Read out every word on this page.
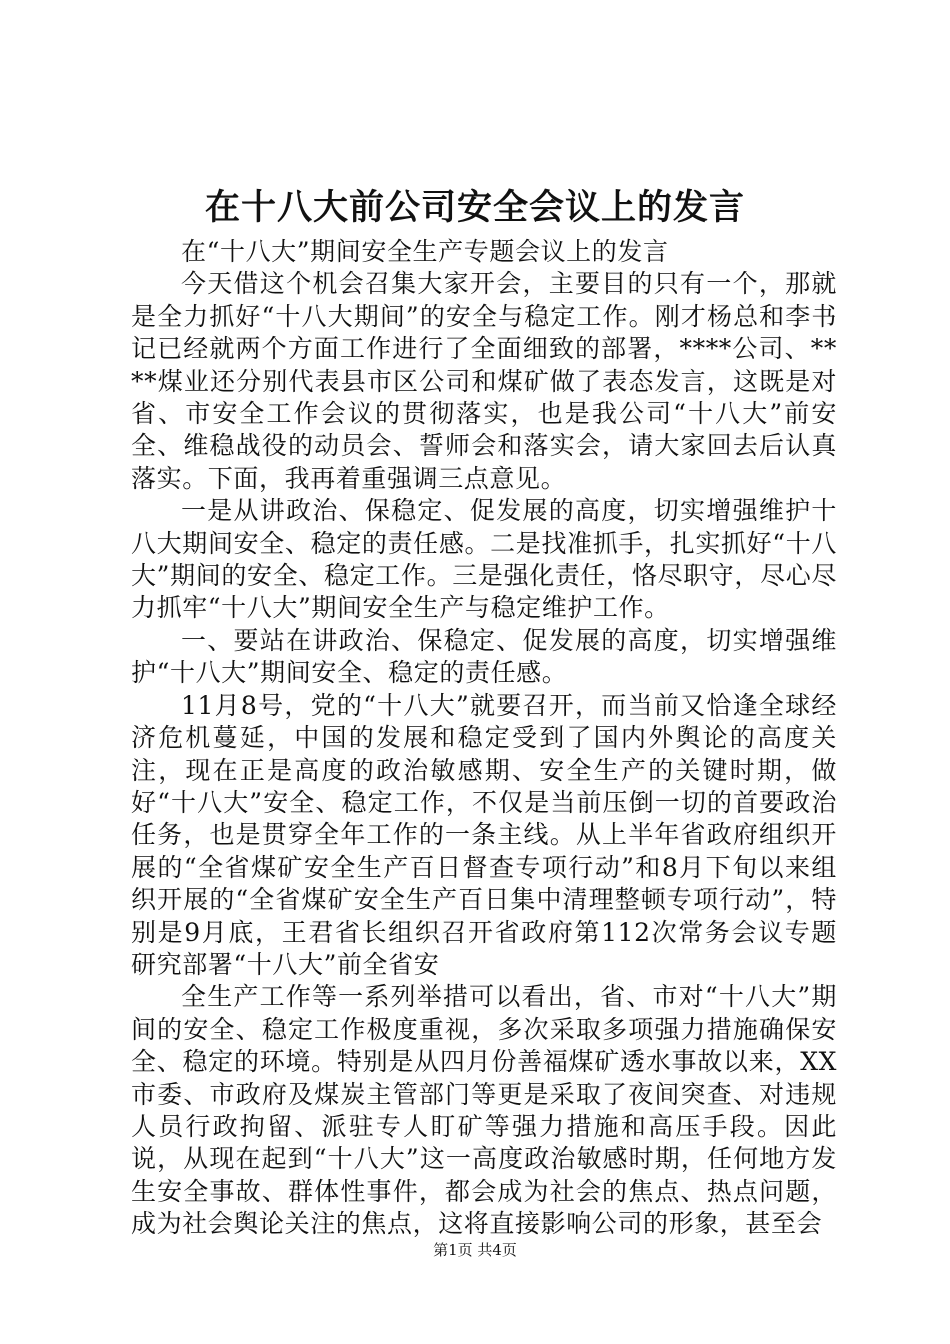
在十八大前公司安全会议上的发言

在“十八大”期间安全生产专题会议上的发言

今天借这个机会召集大家开会，主要目的只有一个，那就是全力抓好“十八大期间”的安全与稳定工作。刚才杨总和李书记已经就两个方面工作进行了全面细致的部署，****公司、****煤业还分别代表县市区公司和煤矿做了表态发言，这既是对省、市安全工作会议的贯彻落实，也是我公司“十八大”前安全、维稳战役的动员会、誓师会和落实会，请大家回去后认真落实。下面，我再着重强调三点意见。

一是从讲政治、保稳定、促发展的高度，切实增强维护十八大期间安全、稳定的责任感。二是找准抓手，扎实抓好“十八大”期间的安全、稳定工作。三是强化责任，恪尽职守，尽心尽力抓牢“十八大”期间安全生产与稳定维护工作。

一、要站在讲政治、保稳定、促发展的高度，切实增强维护“十八大”期间安全、稳定的责任感。

11月8号，党的“十八大”就要召开，而当前又恰逢全球经济危机蔓延，中国的发展和稳定受到了国内外舆论的高度关注，现在正是高度的政治敏感期、安全生产的关键时期，做好“十八大”安全、稳定工作，不仅是当前压倒一切的首要政治任务，也是贯穿全年工作的一条主线。从上半年省政府组织开展的“全省煤矿安全生产百日督查专项行动”和8月下旬以来组织开展的“全省煤矿安全生产百日集中清理整顿专项行动”，特别是9月底，王君省长组织召开省政府第112次常务会议专题研究部署“十八大”前全省安

全生产工作等一系列举措可以看出，省、市对“十八大”期间的安全、稳定工作极度重视，多次采取多项强力措施确保安全、稳定的环境。特别是从四月份善福煤矿透水事故以来，XX市委、市政府及煤炭主管部门等更是采取了夜间突查、对违规人员行政拘留、派驻专人盯矿等强力措施和高压手段。因此说，从现在起到“十八大”这一高度政治敏感时期，任何地方发生安全事故、群体性事件，都会成为社会的焦点、热点问题，成为社会舆论关注的焦点，这将直接影响公司的形象，甚至会

第1页 共4页
